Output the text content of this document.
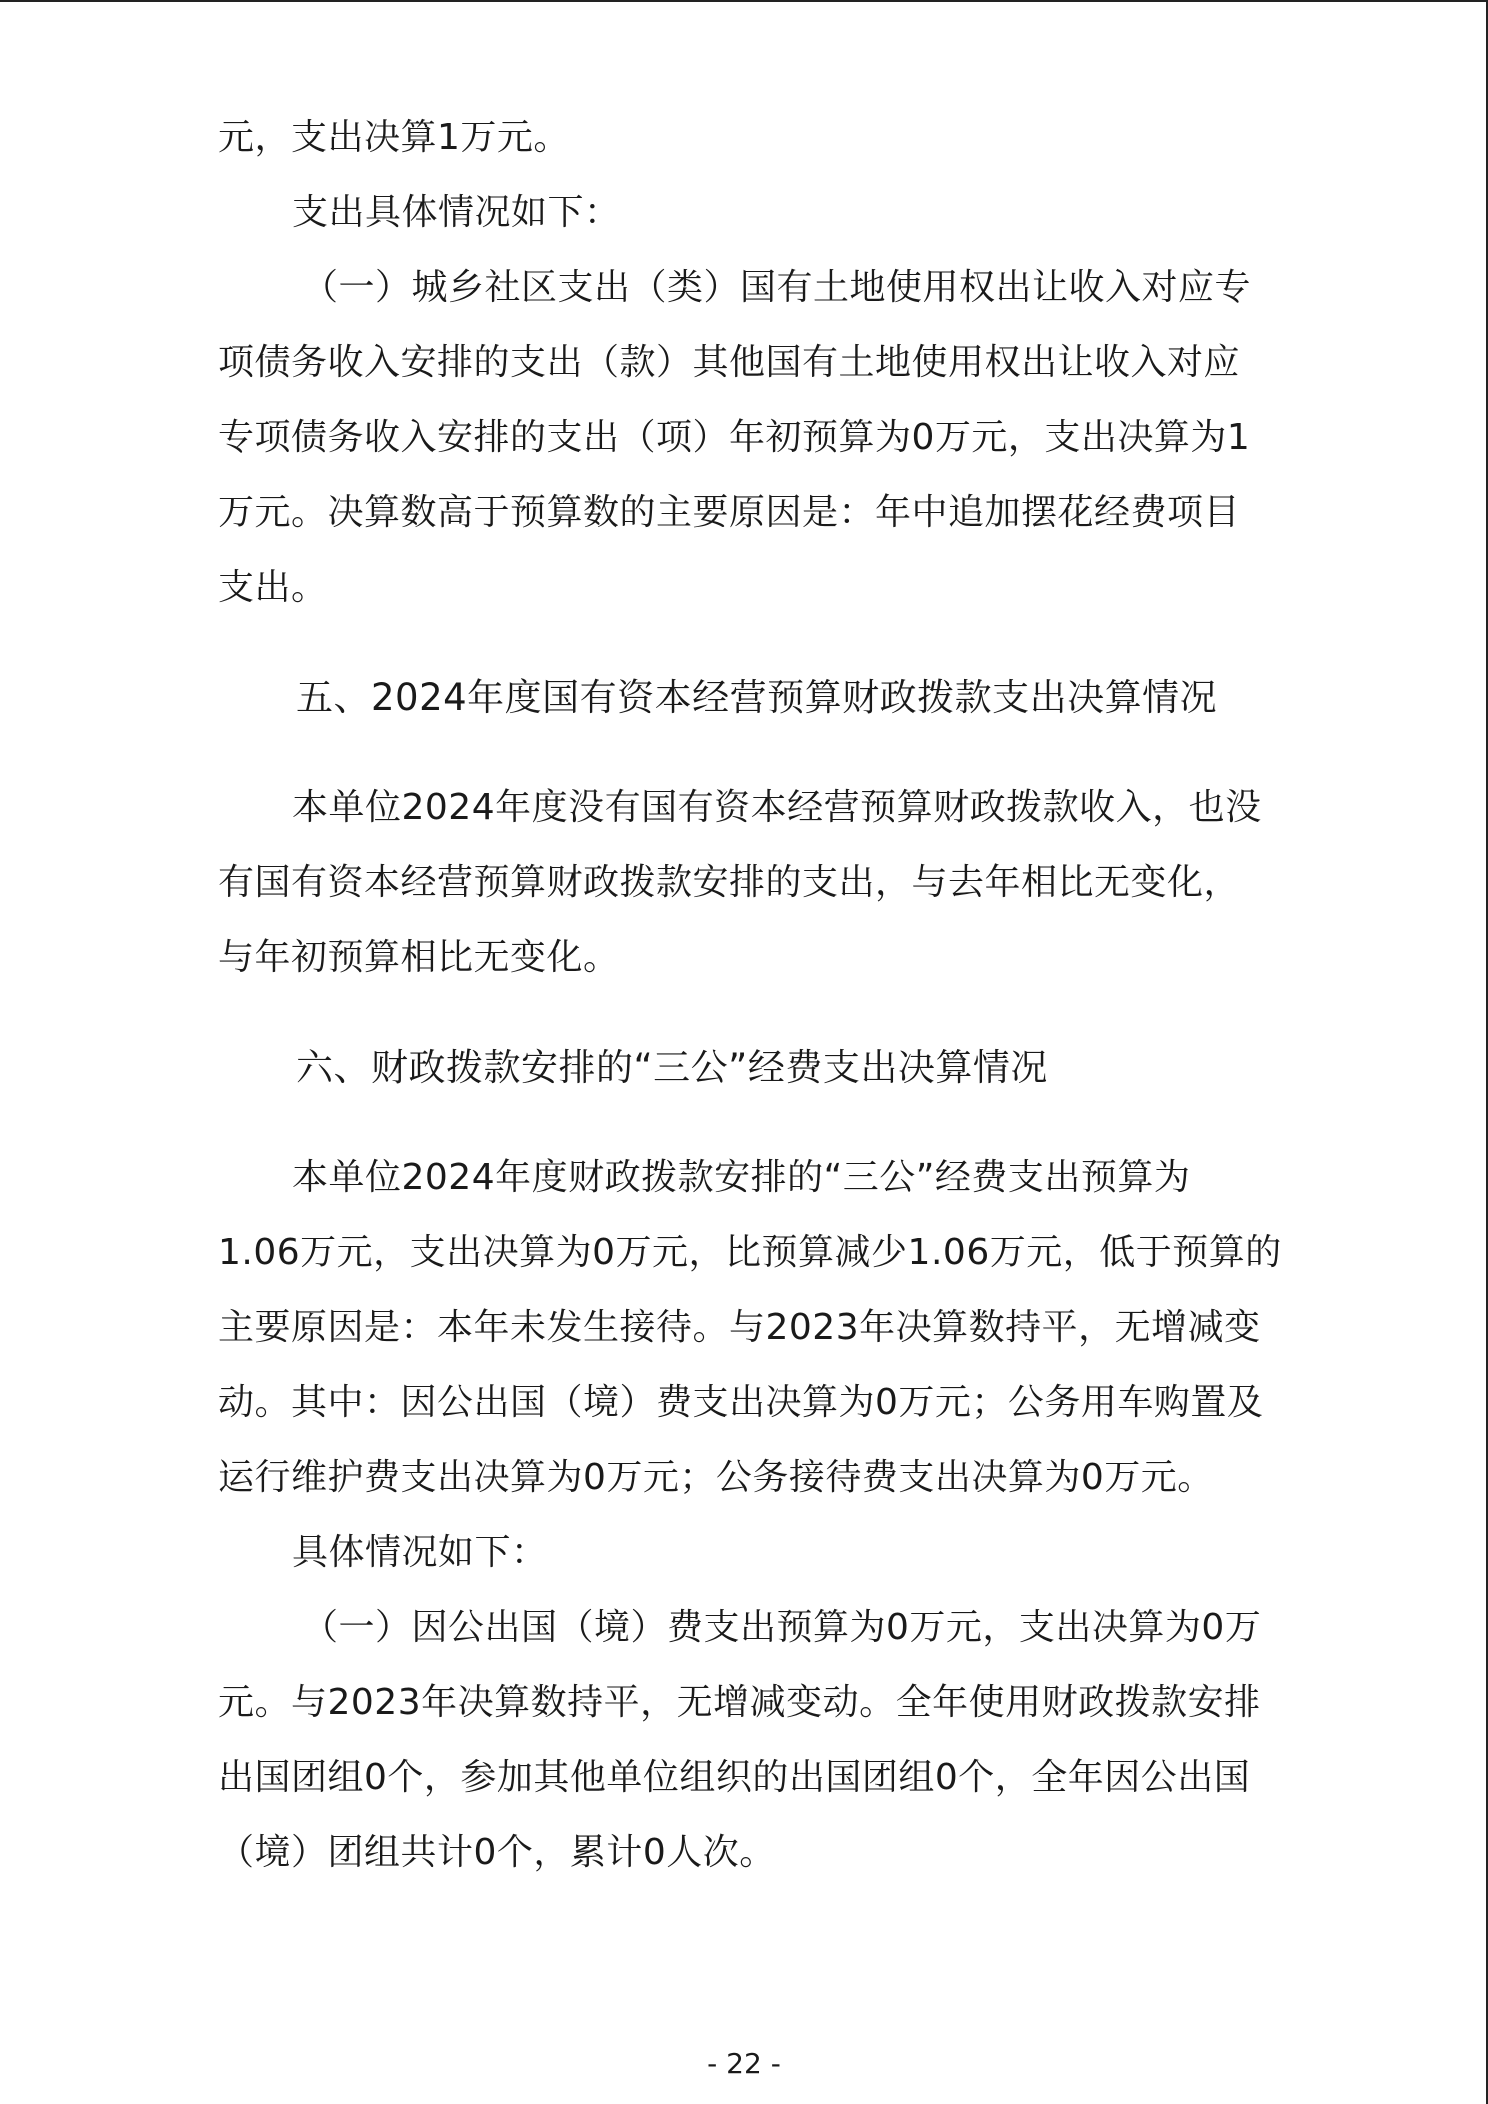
元，支出决算1万元。
支出具体情况如下：
（一）城乡社区支出（类）国有土地使用权出让收入对应专
项债务收入安排的支出（款）其他国有土地使用权出让收入对应
专项债务收入安排的支出（项）年初预算为0万元，支出决算为1
万元。决算数高于预算数的主要原因是：年中追加摆花经费项目
支出。
五、2024年度国有资本经营预算财政拨款支出决算情况
本单位2024年度没有国有资本经营预算财政拨款收入，也没
有国有资本经营预算财政拨款安排的支出，与去年相比无变化，
与年初预算相比无变化。
六、财政拨款安排的“三公”经费支出决算情况
本单位2024年度财政拨款安排的“三公”经费支出预算为
1.06万元，支出决算为0万元，比预算减少1.06万元，低于预算的
主要原因是：本年未发生接待。与2023年决算数持平，无增减变
动。其中：因公出国（境）费支出决算为0万元；公务用车购置及
运行维护费支出决算为0万元；公务接待费支出决算为0万元。
具体情况如下：
（一）因公出国（境）费支出预算为0万元，支出决算为0万
元。与2023年决算数持平，无增减变动。全年使用财政拨款安排
出国团组0个，参加其他单位组织的出国团组0个，全年因公出国
（境）团组共计0个，累计0人次。
- 22 -
